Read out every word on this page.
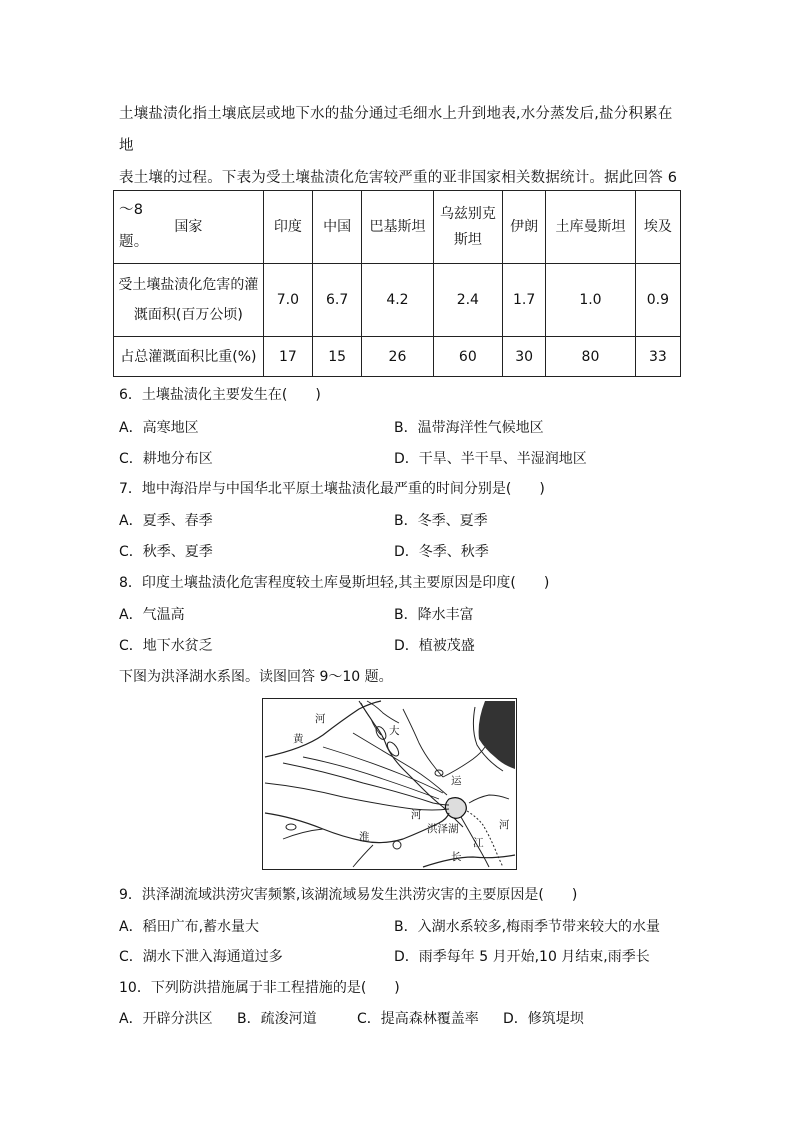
土壤盐渍化指土壤底层或地下水的盐分通过毛细水上升到地表,水分蒸发后,盐分积累在地
表土壤的过程。下表为受土壤盐渍化危害较严重的亚非国家相关数据统计。据此回答 6～8
题。
国家	印度	中国	巴基斯坦	乌兹别克斯坦	伊朗	土库曼斯坦	埃及
受土壤盐渍化危害的灌溉面积(百万公顷)	7.0	6.7	4.2	2.4	1.7	1.0	0.9
占总灌溉面积比重(%)	17	15	26	60	30	80	33
6．土壤盐渍化主要发生在(　　)
A．高寒地区	B．温带海洋性气候地区
C．耕地分布区	D．干旱、半干旱、半湿润地区
7．地中海沿岸与中国华北平原土壤盐渍化最严重的时间分别是(　　)
A．夏季、春季	B．冬季、夏季
C．秋季、夏季	D．冬季、秋季
8．印度土壤盐渍化危害程度较土库曼斯坦轻,其主要原因是印度(　　)
A．气温高	B．降水丰富
C．地下水贫乏	D．植被茂盛
下图为洪泽湖水系图。读图回答 9～10 题。
河
黄
大
运
河
洪泽湖	河
淮	江
长
9．洪泽湖流域洪涝灾害频繁,该湖流域易发生洪涝灾害的主要原因是(　　)
A．稻田广布,蓄水量大	B．入湖水系较多,梅雨季节带来较大的水量
C．湖水下泄入海通道过多	D．雨季每年 5 月开始,10 月结束,雨季长
10．下列防洪措施属于非工程措施的是(　　)
A．开辟分洪区 B．疏浚河道	C．提高森林覆盖率 D．修筑堤坝
